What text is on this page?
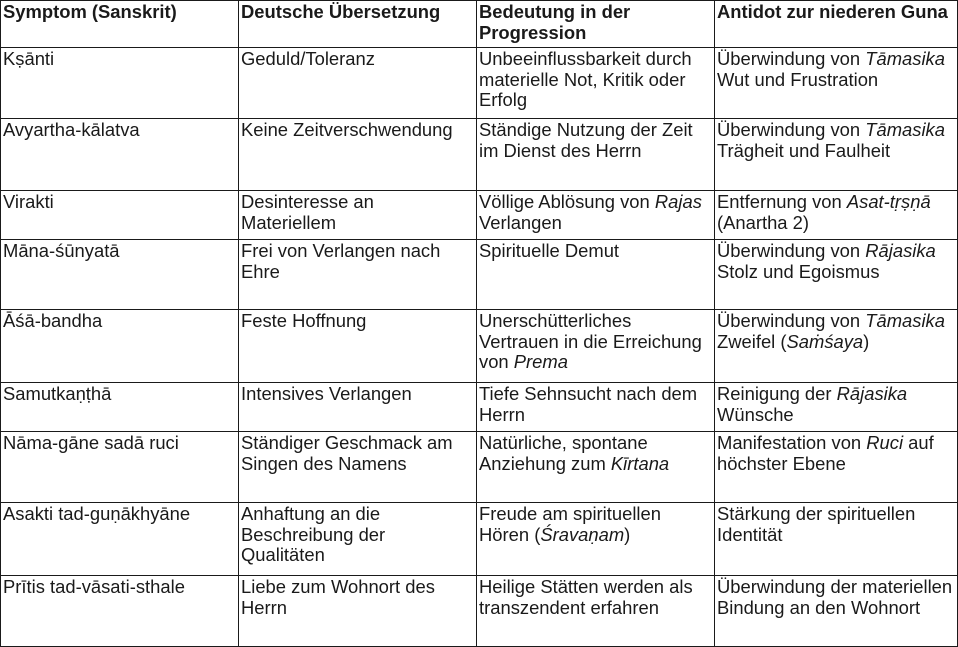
Symptom (Sanskrit)	Deutsche Übersetzung	Bedeutung in der Progression	Antidot zur niederen Guna
Kṣānti	Geduld/Toleranz	Unbeeinflussbarkeit durch materielle Not, Kritik oder Erfolg	Überwindung von Tāmasika Wut und Frustration
Avyartha-kālatva	Keine Zeitverschwendung	Ständige Nutzung der Zeit im Dienst des Herrn	Überwindung von Tāmasika Trägheit und Faulheit
Virakti	Desinteresse an Materiellem	Völlige Ablösung von Rajas Verlangen	Entfernung von Asat-tṛṣṇā (Anartha 2)
Māna-śūnyatā	Frei von Verlangen nach Ehre	Spirituelle Demut	Überwindung von Rājasika Stolz und Egoismus
Āśā-bandha	Feste Hoffnung	Unerschütterliches Vertrauen in die Erreichung von Prema	Überwindung von Tāmasika Zweifel (Saṁśaya)
Samutkaṇṭhā	Intensives Verlangen	Tiefe Sehnsucht nach dem Herrn	Reinigung der Rājasika Wünsche
Nāma-gāne sadā ruci	Ständiger Geschmack am Singen des Namens	Natürliche, spontane Anziehung zum Kīrtana	Manifestation von Ruci auf höchster Ebene
Asakti tad-guṇākhyāne	Anhaftung an die Beschreibung der Qualitäten	Freude am spirituellen Hören (Śravaṇam)	Stärkung der spirituellen Identität
Prītis tad-vāsati-sthale	Liebe zum Wohnort des Herrn	Heilige Stätten werden als transzendent erfahren	Überwindung der materiellen Bindung an den Wohnort
